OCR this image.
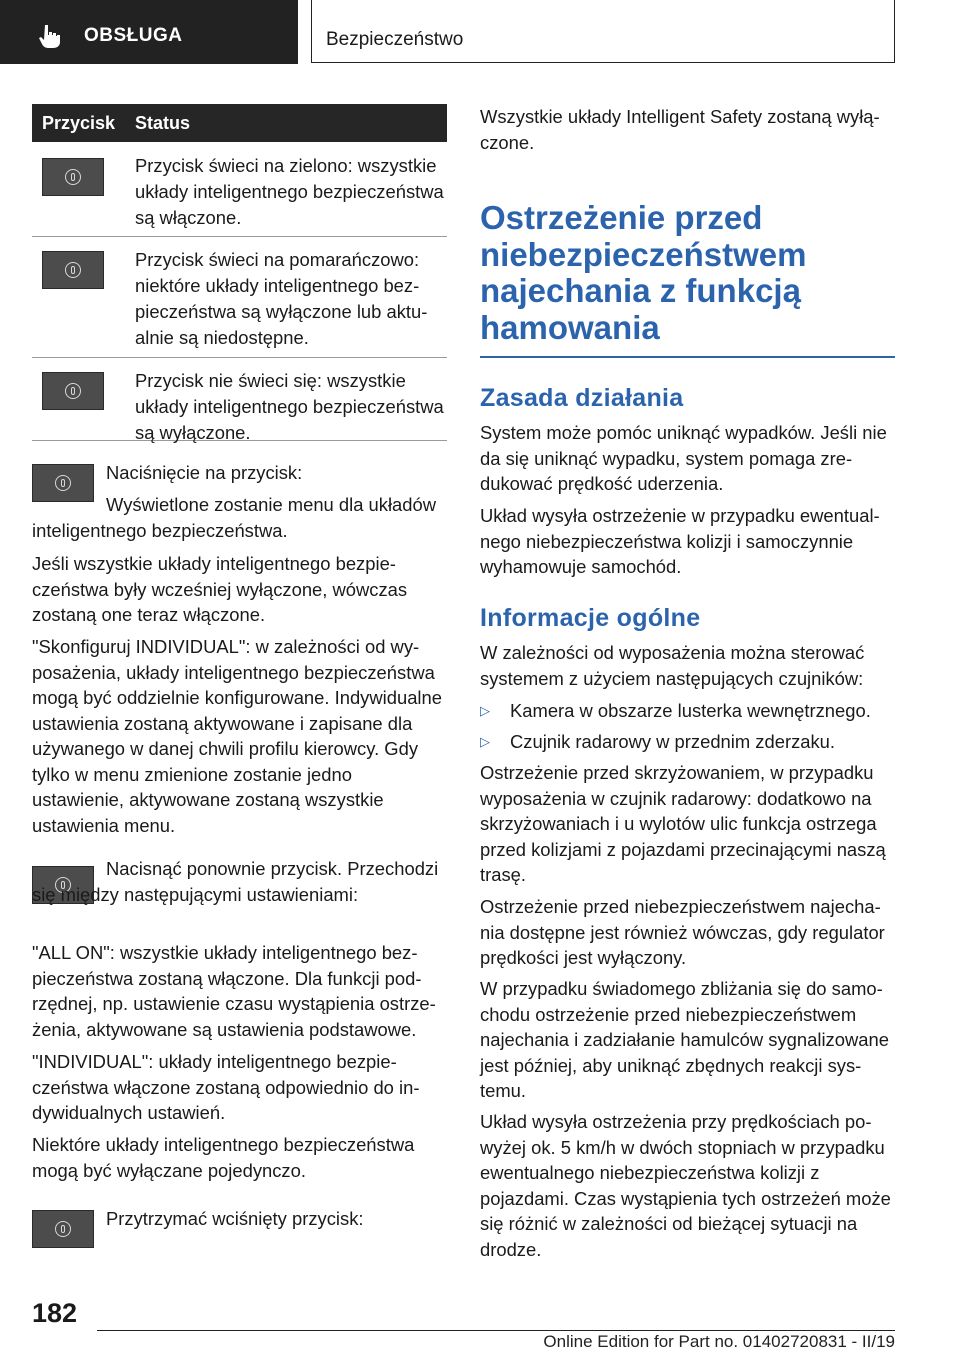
OBSŁUGA	Bezpieczeństwo
Przycisk Status
Przycisk świeci na zielono: wszystkie układy inteligentnego bezpieczeństwa są włączone.
Przycisk świeci na pomarańczowo: niektóre układy inteligentnego bezpieczeństwa są wyłączone lub aktualnie są niedostępne.
Przycisk nie świeci się: wszystkie układy inteligentnego bezpieczeństwa są wyłączone.
Naciśnięcie na przycisk:
Wyświetlone zostanie menu dla układów inteligentnego bezpieczeństwa.
Jeśli wszystkie układy inteligentnego bezpieczeństwa były wcześniej wyłączone, wówczas zostaną one teraz włączone.
"Skonfiguruj INDIVIDUAL": w zależności od wyposażenia, układy inteligentnego bezpieczeństwa mogą być oddzielnie konfigurowane. Indywidualne ustawienia zostaną aktywowane i zapisane dla używanego w danej chwili profilu kierowcy. Gdy tylko w menu zmienione zostanie jedno ustawienie, aktywowane zostaną wszystkie ustawienia menu.
Nacisnąć ponownie przycisk. Przechodzi się między następującymi ustawieniami:
"ALL ON": wszystkie układy inteligentnego bezpieczeństwa zostaną włączone. Dla funkcji podrzędnej, np. ustawienie czasu wystąpienia ostrzeżenia, aktywowane są ustawienia podstawowe.
"INDIVIDUAL": układy inteligentnego bezpieczeństwa włączone zostaną odpowiednio do indywidualnych ustawień.
Niektóre układy inteligentnego bezpieczeństwa mogą być wyłączane pojedynczo.
Przytrzymać wciśnięty przycisk:
Wszystkie układy Intelligent Safety zostaną wyłączone.
Ostrzeżenie przed niebezpieczeństwem najechania z funkcją hamowania
Zasada działania
System może pomóc uniknąć wypadków. Jeśli nie da się uniknąć wypadku, system pomaga zredukować prędkość uderzenia.
Układ wysyła ostrzeżenie w przypadku ewentualnego niebezpieczeństwa kolizji i samoczynnie wyhamowuje samochód.
Informacje ogólne
W zależności od wyposażenia można sterować systemem z użyciem następujących czujników:
▷ Kamera w obszarze lusterka wewnętrznego.
▷ Czujnik radarowy w przednim zderzaku.
Ostrzeżenie przed skrzyżowaniem, w przypadku wyposażenia w czujnik radarowy: dodatkowo na skrzyżowaniach i u wylotów ulic funkcja ostrzega przed kolizjami z pojazdami przecinającymi naszą trasę.
Ostrzeżenie przed niebezpieczeństwem najechania dostępne jest również wówczas, gdy regulator prędkości jest wyłączony.
W przypadku świadomego zbliżania się do samochodu ostrzeżenie przed niebezpieczeństwem najechania i zadziałanie hamulców sygnalizowane jest później, aby uniknąć zbędnych reakcji systemu.
Układ wysyła ostrzeżenia przy prędkościach powyżej ok. 5 km/h w dwóch stopniach w przypadku ewentualnego niebezpieczeństwa kolizji z pojazdami. Czas wystąpienia tych ostrzeżeń może się różnić w zależności od bieżącej sytuacji na drodze.
182
Online Edition for Part no. 01402720831 - II/19
